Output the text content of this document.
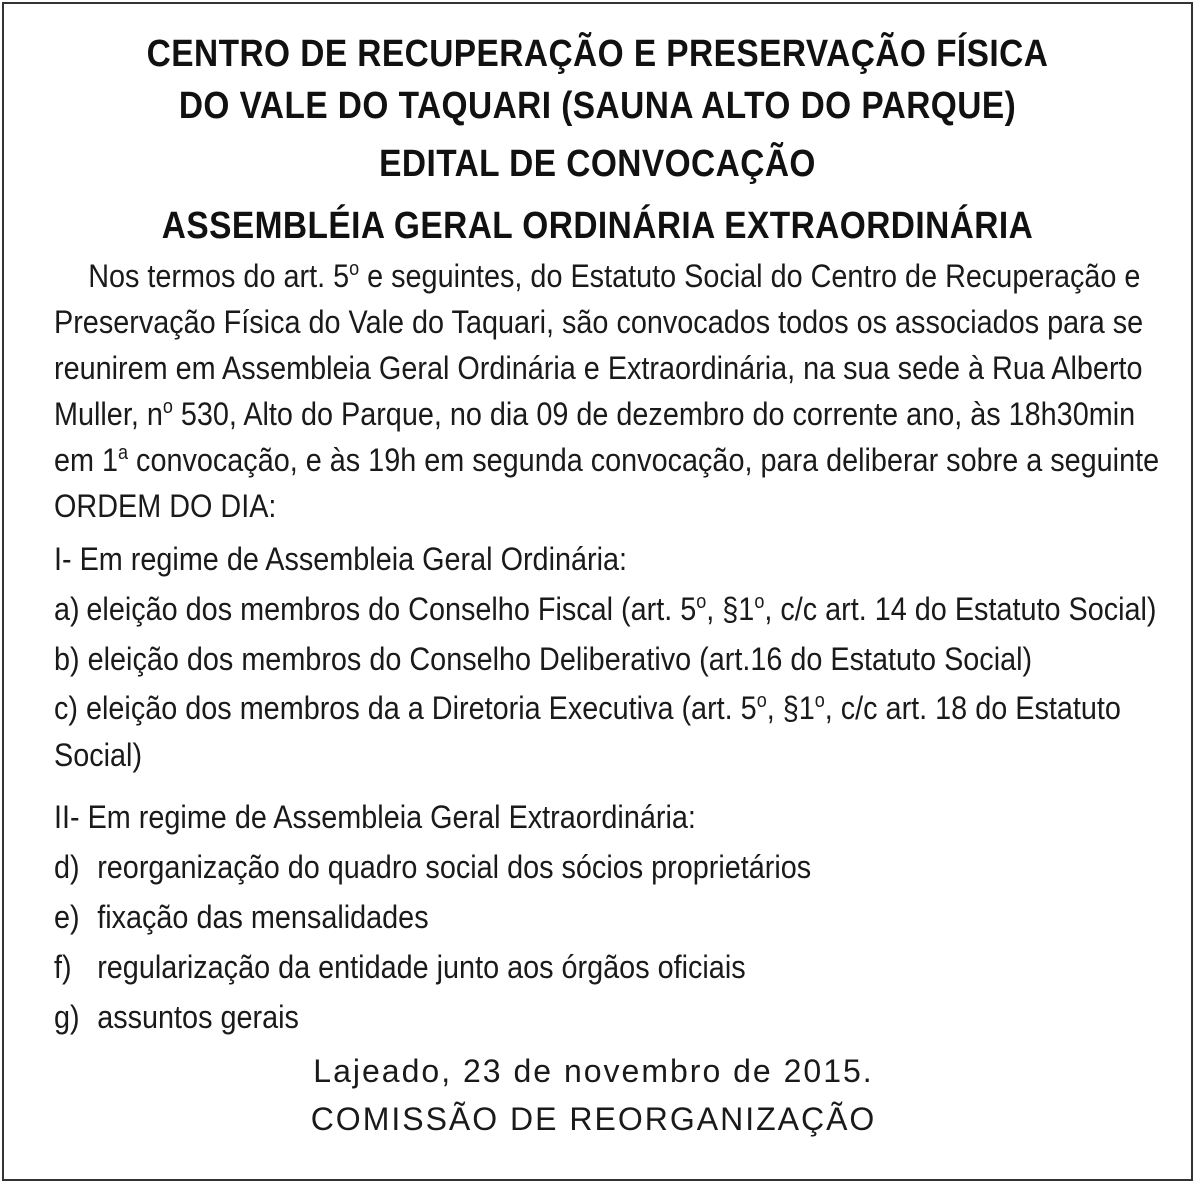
CENTRO DE RECUPERAÇÃO E PRESERVAÇÃO FÍSICA
DO VALE DO TAQUARI (SAUNA ALTO DO PARQUE)
EDITAL DE CONVOCAÇÃO
ASSEMBLÉIA GERAL ORDINÁRIA EXTRAORDINÁRIA
Nos termos do art. 5$^o$ e seguintes, do Estatuto Social do Centro de Recuperação e
Preservação Física do Vale do Taquari, são convocados todos os associados para se
reunirem em Assembleia Geral Ordinária e Extraordinária, na sua sede à Rua Alberto
Muller, $n^o$ 530, Alto do Parque, no dia 09 de dezembro do corrente ano, às 18h30min
em 1$^a$ convocação, e às 19h em segunda convocação, para deliberar sobre a seguinte
ORDEM DO DIA:
I- Em regime de Assembleia Geral Ordinária:
a) eleição dos membros do Conselho Fiscal (art. 5$^o$, §1$^o$, c/c art. 14 do Estatuto Social)
b) eleição dos membros do Conselho Deliberativo (art.16 do Estatuto Social)
c) eleição dos membros da a Diretoria Executiva (art. 5$^o$, §1$^o$, c/c art. 18 do Estatuto
Social)
II- Em regime de Assembleia Geral Extraordinária:
d) reorganização do quadro social dos sócios proprietários
e) fixação das mensalidades
f) regularização da entidade junto aos órgãos oficiais
g) assuntos gerais
Lajeado, 23 de novembro de 2015.
COMISSÃO DE REORGANIZAÇÃO
